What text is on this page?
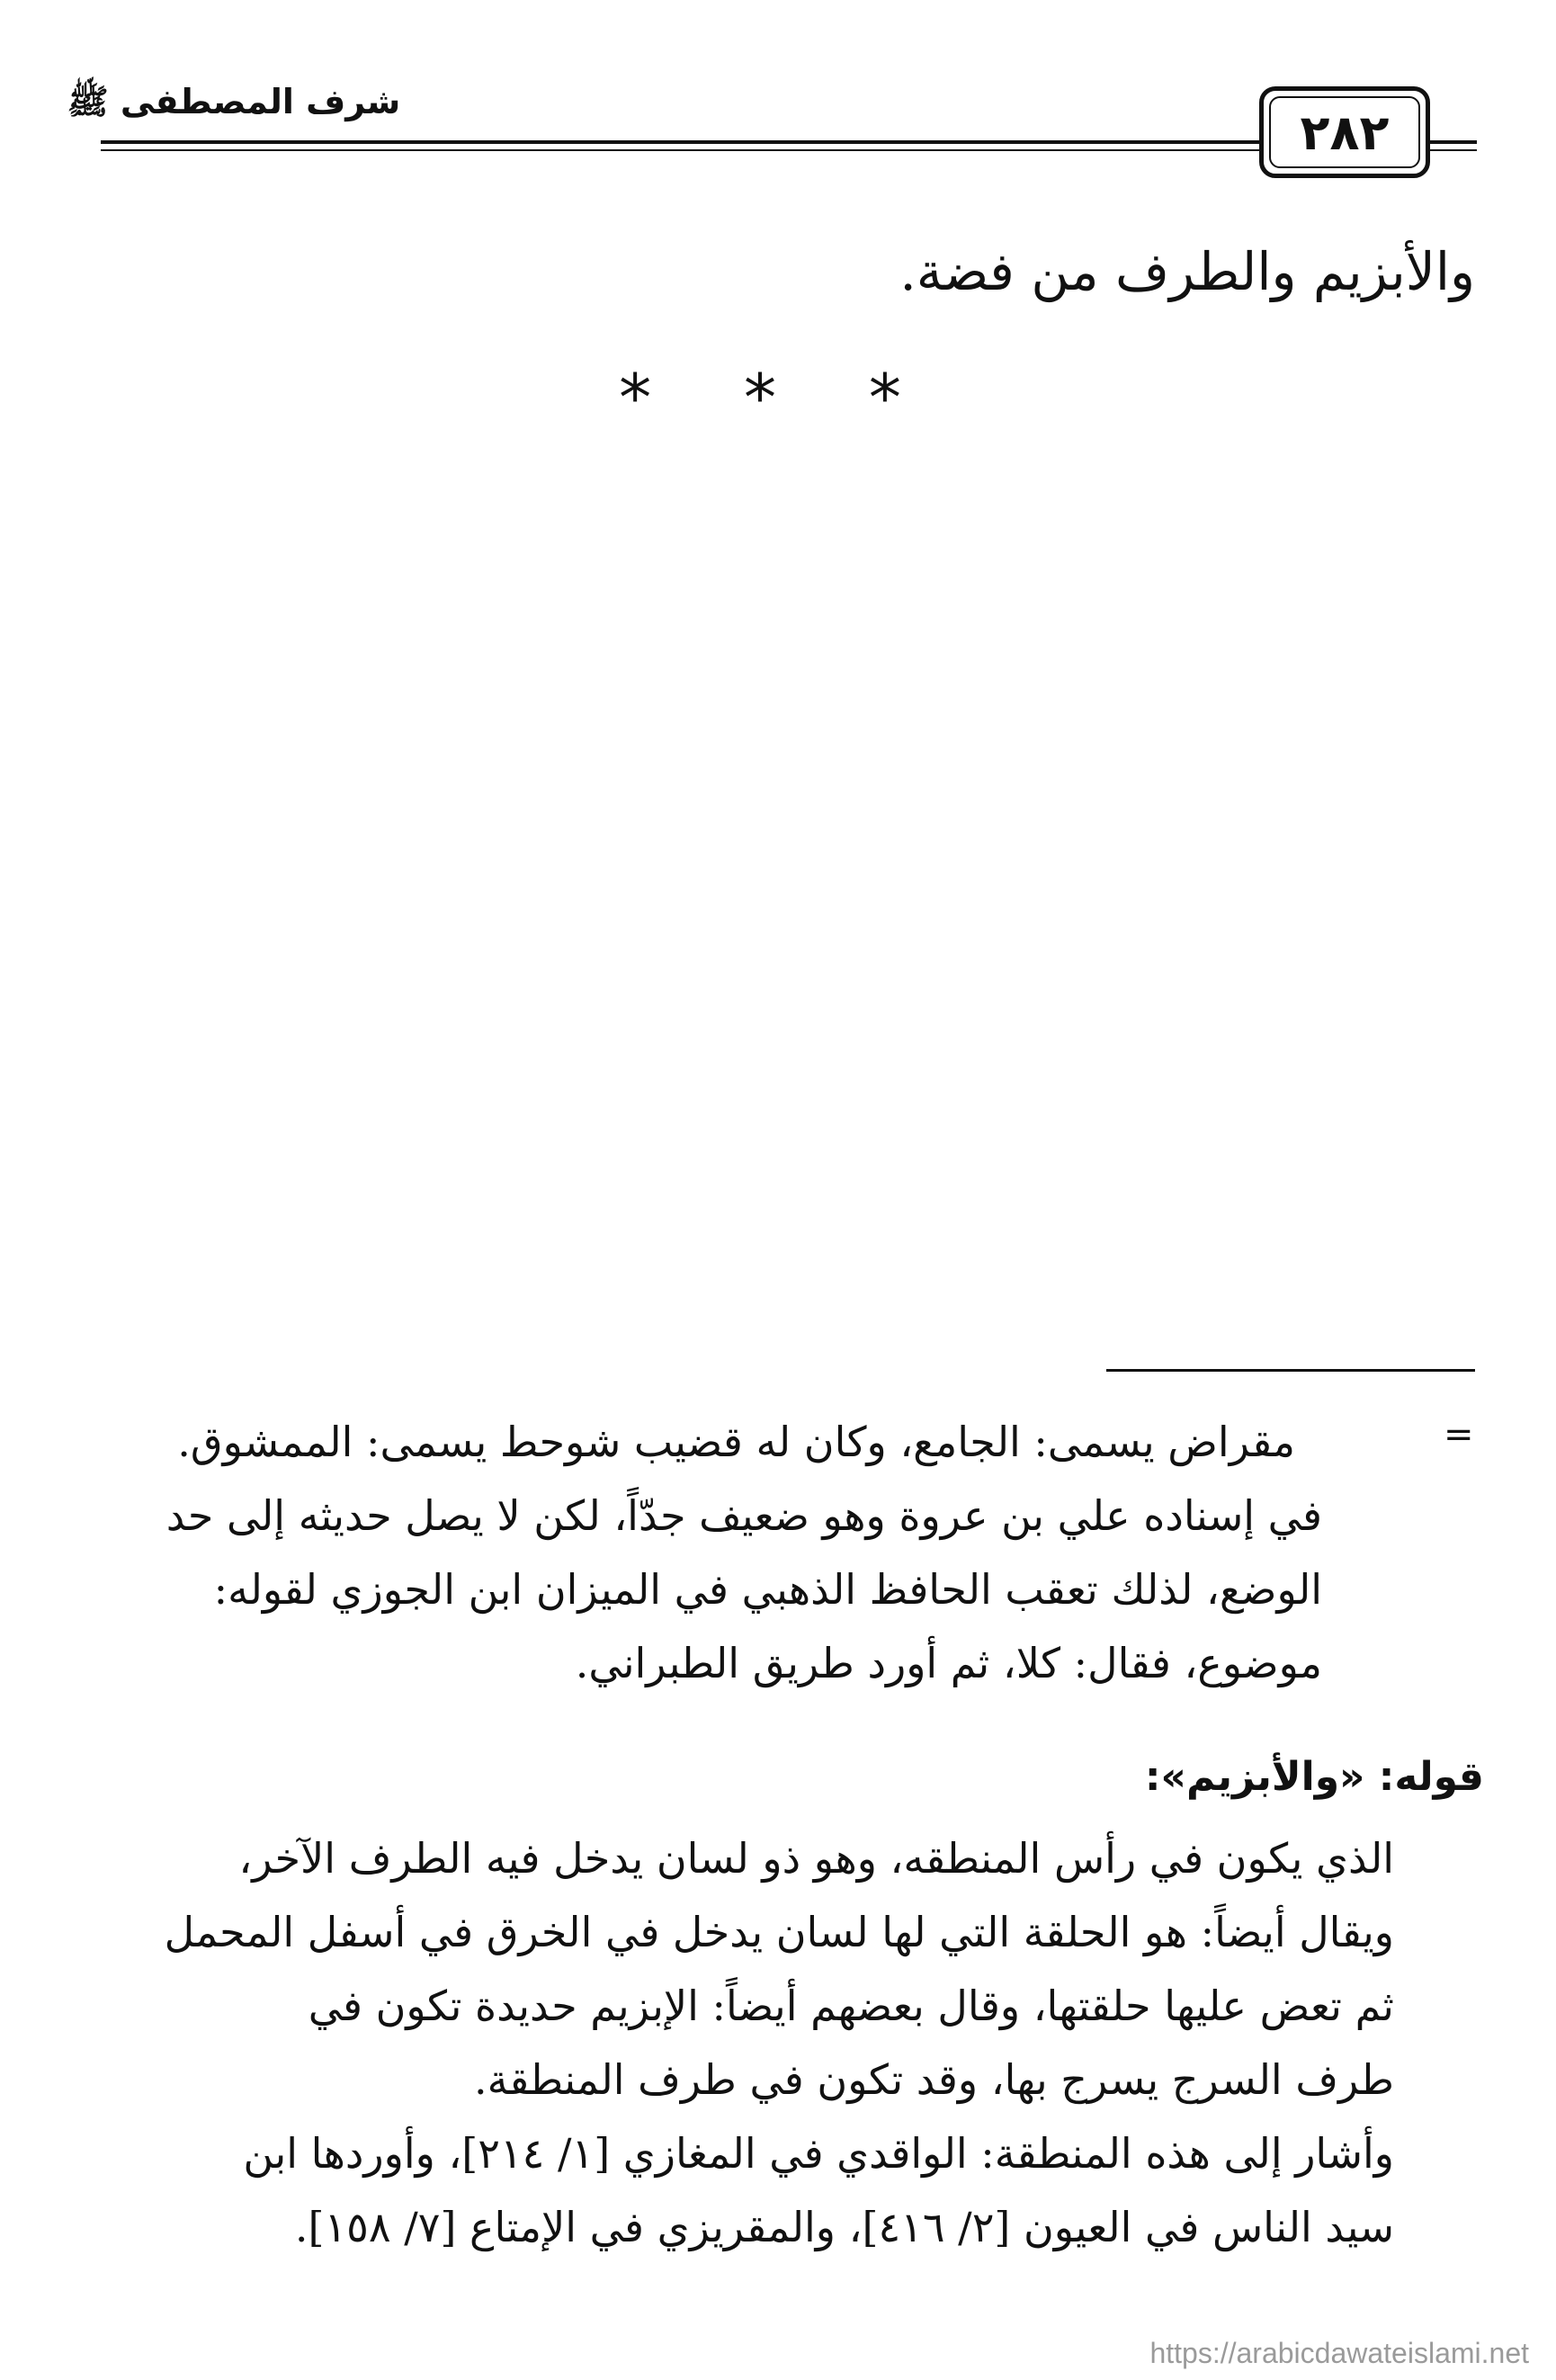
شرف المصطفى ﷺ
٢٨٢
والأبزيم والطرف من فضة.
* * *
=

مقراض يسمى: الجامع، وكان له قضيب شوحط يسمى: الممشوق.

في إسناده علي بن عروة وهو ضعيف جدّاً، لكن لا يصل حديثه إلى حد

الوضع، لذلك تعقب الحافظ الذهبي في الميزان ابن الجوزي لقوله:

موضوع، فقال: كلا، ثم أورد طريق الطبراني.

قوله: «والأبزيم»:

الذي يكون في رأس المنطقه، وهو ذو لسان يدخل فيه الطرف الآخر،

ويقال أيضاً: هو الحلقة التي لها لسان يدخل في الخرق في أسفل المحمل

ثم تعض عليها حلقتها، وقال بعضهم أيضاً: الإبزيم حديدة تكون في

طرف السرج يسرج بها، وقد تكون في طرف المنطقة.

وأشار إلى هذه المنطقة: الواقدي في المغازي [١/ ٢١٤]، وأوردها ابن

سيد الناس في العيون [٢/ ٤١٦]، والمقريزي في الإمتاع [٧/ ١٥٨].

https://arabicdawateislami.net
